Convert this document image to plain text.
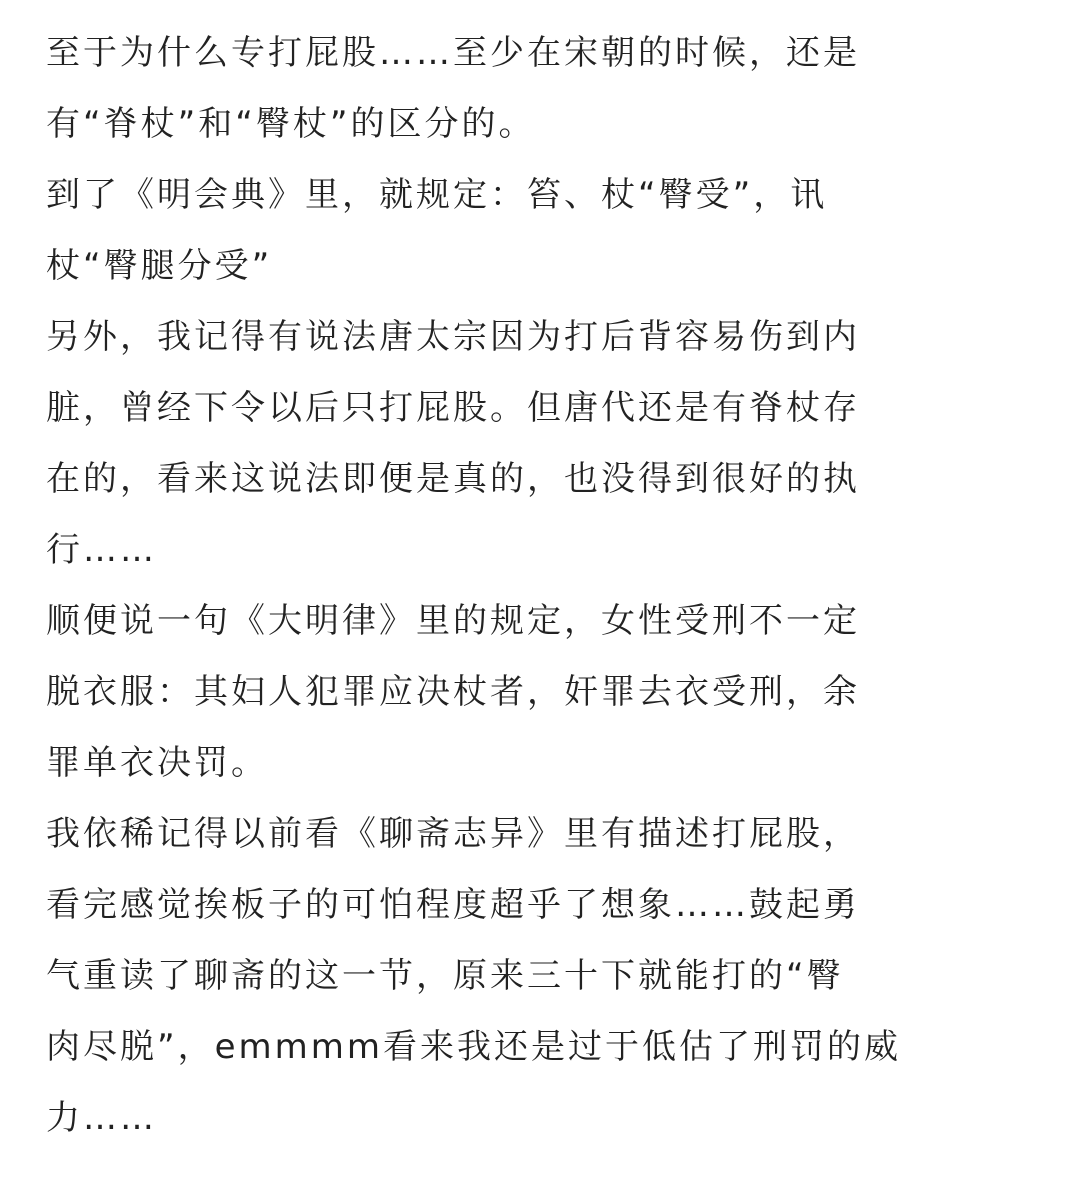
至于为什么专打屁股……至少在宋朝的时候，还是
有“脊杖”和“臀杖”的区分的。
到了《明会典》里，就规定：笞、杖“臀受”，讯
杖“臀腿分受”
另外，我记得有说法唐太宗因为打后背容易伤到内
脏，曾经下令以后只打屁股。但唐代还是有脊杖存
在的，看来这说法即便是真的，也没得到很好的执
行……
顺便说一句《大明律》里的规定，女性受刑不一定
脱衣服：其妇人犯罪应决杖者，奸罪去衣受刑，余
罪单衣决罚。
我依稀记得以前看《聊斋志异》里有描述打屁股，
看完感觉挨板子的可怕程度超乎了想象……鼓起勇
气重读了聊斋的这一节，原来三十下就能打的“臀
肉尽脱”，emmmm看来我还是过于低估了刑罚的威
力……
